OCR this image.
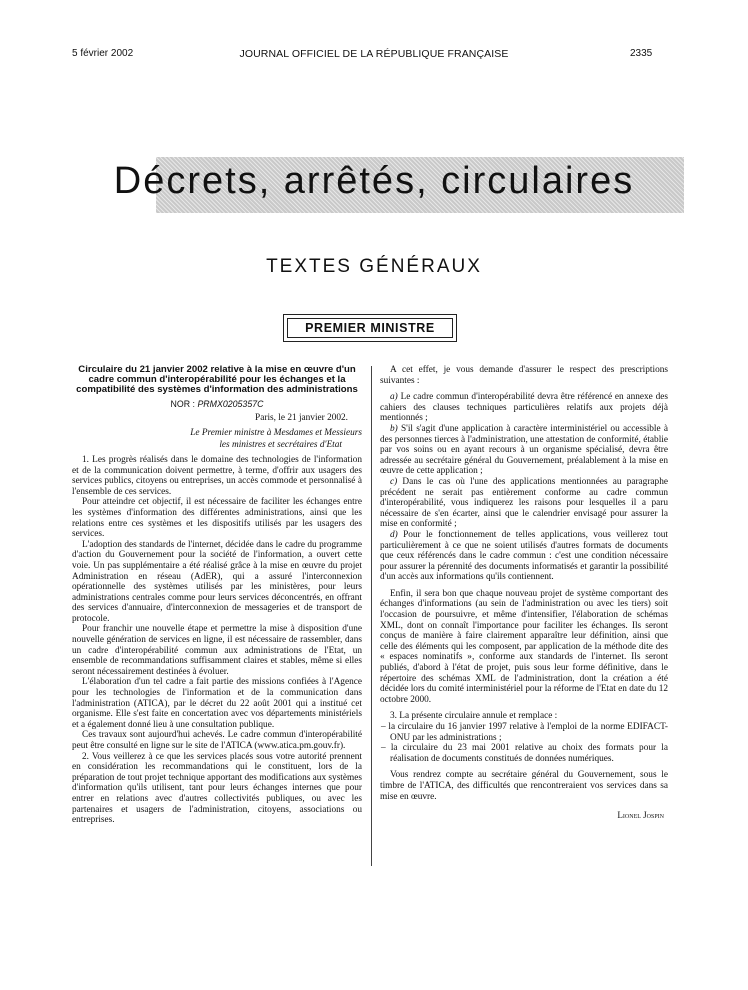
5 février 2002	JOURNAL OFFICIEL DE LA RÉPUBLIQUE FRANÇAISE	2335
Décrets, arrêtés, circulaires
TEXTES GÉNÉRAUX
PREMIER MINISTRE
Circulaire du 21 janvier 2002 relative à la mise en œuvre d'un cadre commun d'interopérabilité pour les échanges et la compatibilité des systèmes d'information des administrations
NOR : PRMX0205357C
Paris, le 21 janvier 2002.
Le Premier ministre à Mesdames et Messieurs
les ministres et secrétaires d'Etat

1. Les progrès réalisés dans le domaine des technologies de l'information et de la communication doivent permettre, à terme, d'offrir aux usagers des services publics, citoyens ou entreprises, un accès commode et personnalisé à l'ensemble de ces services.

Pour atteindre cet objectif, il est nécessaire de faciliter les échanges entre les systèmes d'information des différentes administrations, ainsi que les relations entre ces systèmes et les dispositifs utilisés par les usagers des services.

L'adoption des standards de l'internet, décidée dans le cadre du programme d'action du Gouvernement pour la société de l'information, a ouvert cette voie. Un pas supplémentaire a été réalisé grâce à la mise en œuvre du projet Administration en réseau (AdER), qui a assuré l'interconnexion opérationnelle des systèmes utilisés par les ministères, pour leurs administrations centrales comme pour leurs services déconcentrés, en offrant des services d'annuaire, d'interconnexion de messageries et de transport de protocole.

Pour franchir une nouvelle étape et permettre la mise à disposition d'une nouvelle génération de services en ligne, il est nécessaire de rassembler, dans un cadre d'interopérabilité commun aux administrations de l'Etat, un ensemble de recommandations suffisamment claires et stables, même si elles seront nécessairement destinées à évoluer.

L'élaboration d'un tel cadre a fait partie des missions confiées à l'Agence pour les technologies de l'information et de la communication dans l'administration (ATICA), par le décret du 22 août 2001 qui a institué cet organisme. Elle s'est faite en concertation avec vos départements ministériels et a également donné lieu à une consultation publique.

Ces travaux sont aujourd'hui achevés. Le cadre commun d'interopérabilité peut être consulté en ligne sur le site de l'ATICA (www.atica.pm.gouv.fr).

2. Vous veillerez à ce que les services placés sous votre autorité prennent en considération les recommandations qui le constituent, lors de la préparation de tout projet technique apportant des modifications aux systèmes d'information qu'ils utilisent, tant pour leurs échanges internes que pour entrer en relations avec d'autres collectivités publiques, ou avec les partenaires et usagers de l'administration, citoyens, associations ou entreprises.

A cet effet, je vous demande d'assurer le respect des prescriptions suivantes :

a) Le cadre commun d'interopérabilité devra être référencé en annexe des cahiers des clauses techniques particulières relatifs aux projets déjà mentionnés ;

b) S'il s'agit d'une application à caractère interministériel ou accessible à des personnes tierces à l'administration, une attestation de conformité, établie par vos soins ou en ayant recours à un organisme spécialisé, devra être adressée au secrétaire général du Gouvernement, préalablement à la mise en œuvre de cette application ;

c) Dans le cas où l'une des applications mentionnées au paragraphe précédent ne serait pas entièrement conforme au cadre commun d'interopérabilité, vous indiquerez les raisons pour lesquelles il a paru nécessaire de s'en écarter, ainsi que le calendrier envisagé pour assurer la mise en conformité ;

d) Pour le fonctionnement de telles applications, vous veillerez tout particulièrement à ce que ne soient utilisés d'autres formats de documents que ceux référencés dans le cadre commun : c'est une condition nécessaire pour assurer la pérennité des documents informatisés et garantir la possibilité d'un accès aux informations qu'ils contiennent.

Enfin, il sera bon que chaque nouveau projet de système comportant des échanges d'informations (au sein de l'administration ou avec les tiers) soit l'occasion de poursuivre, et même d'intensifier, l'élaboration de schémas XML, dont on connaît l'importance pour faciliter les échanges. Ils seront conçus de manière à faire clairement apparaître leur définition, ainsi que celle des éléments qui les composent, par application de la méthode dite des « espaces nominatifs », conforme aux standards de l'internet. Ils seront publiés, d'abord à l'état de projet, puis sous leur forme définitive, dans le répertoire des schémas XML de l'administration, dont la création a été décidée lors du comité interministériel pour la réforme de l'Etat en date du 12 octobre 2000.

3. La présente circulaire annule et remplace :

– la circulaire du 16 janvier 1997 relative à l'emploi de la norme EDIFACT-ONU par les administrations ;
– la circulaire du 23 mai 2001 relative au choix des formats pour la réalisation de documents constitués de données numériques.

Vous rendrez compte au secrétaire général du Gouvernement, sous le timbre de l'ATICA, des difficultés que rencontreraient vos services dans sa mise en œuvre.

Lionel Jospin
